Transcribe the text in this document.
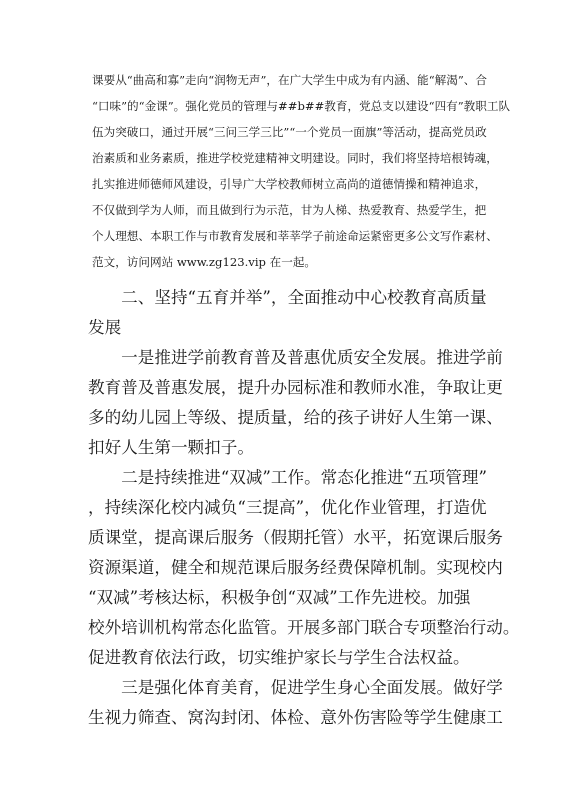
课要从“曲高和寡”走向“润物无声”，在广大学生中成为有内涵、能“解渴”、合

“口味”的“金课”。强化党员的管理与##b##教育，党总支以建设“四有”教职工队

伍为突破口，通过开展“三问三学三比”“一个党员一面旗”等活动，提高党员政

治素质和业务素质，推进学校党建精神文明建设。同时，我们将坚持培根铸魂，

扎实推进师德师风建设，引导广大学校教师树立高尚的道德情操和精神追求，

不仅做到学为人师，而且做到行为示范，甘为人梯、热爱教育、热爱学生，把

个人理想、本职工作与市教育发展和莘莘学子前途命运紧密更多公文写作素材、

范文，访问网站 www.zg123.vip 在一起。

　　二、坚持“五育并举”，全面推动中心校教育高质量

发展

　　一是推进学前教育普及普惠优质安全发展。推进学前

教育普及普惠发展，提升办园标准和教师水准，争取让更

多的幼儿园上等级、提质量，给的孩子讲好人生第一课、

扣好人生第一颗扣子。

　　二是持续推进“双减”工作。常态化推进“五项管理”

，持续深化校内减负“三提高”，优化作业管理，打造优

质课堂，提高课后服务（假期托管）水平，拓宽课后服务

资源渠道，健全和规范课后服务经费保障机制。实现校内

“双减”考核达标，积极争创“双减”工作先进校。加强

校外培训机构常态化监管。开展多部门联合专项整治行动。

促进教育依法行政，切实维护家长与学生合法权益。

　　三是强化体育美育，促进学生身心全面发展。做好学

生视力筛查、窝沟封闭、体检、意外伤害险等学生健康工
